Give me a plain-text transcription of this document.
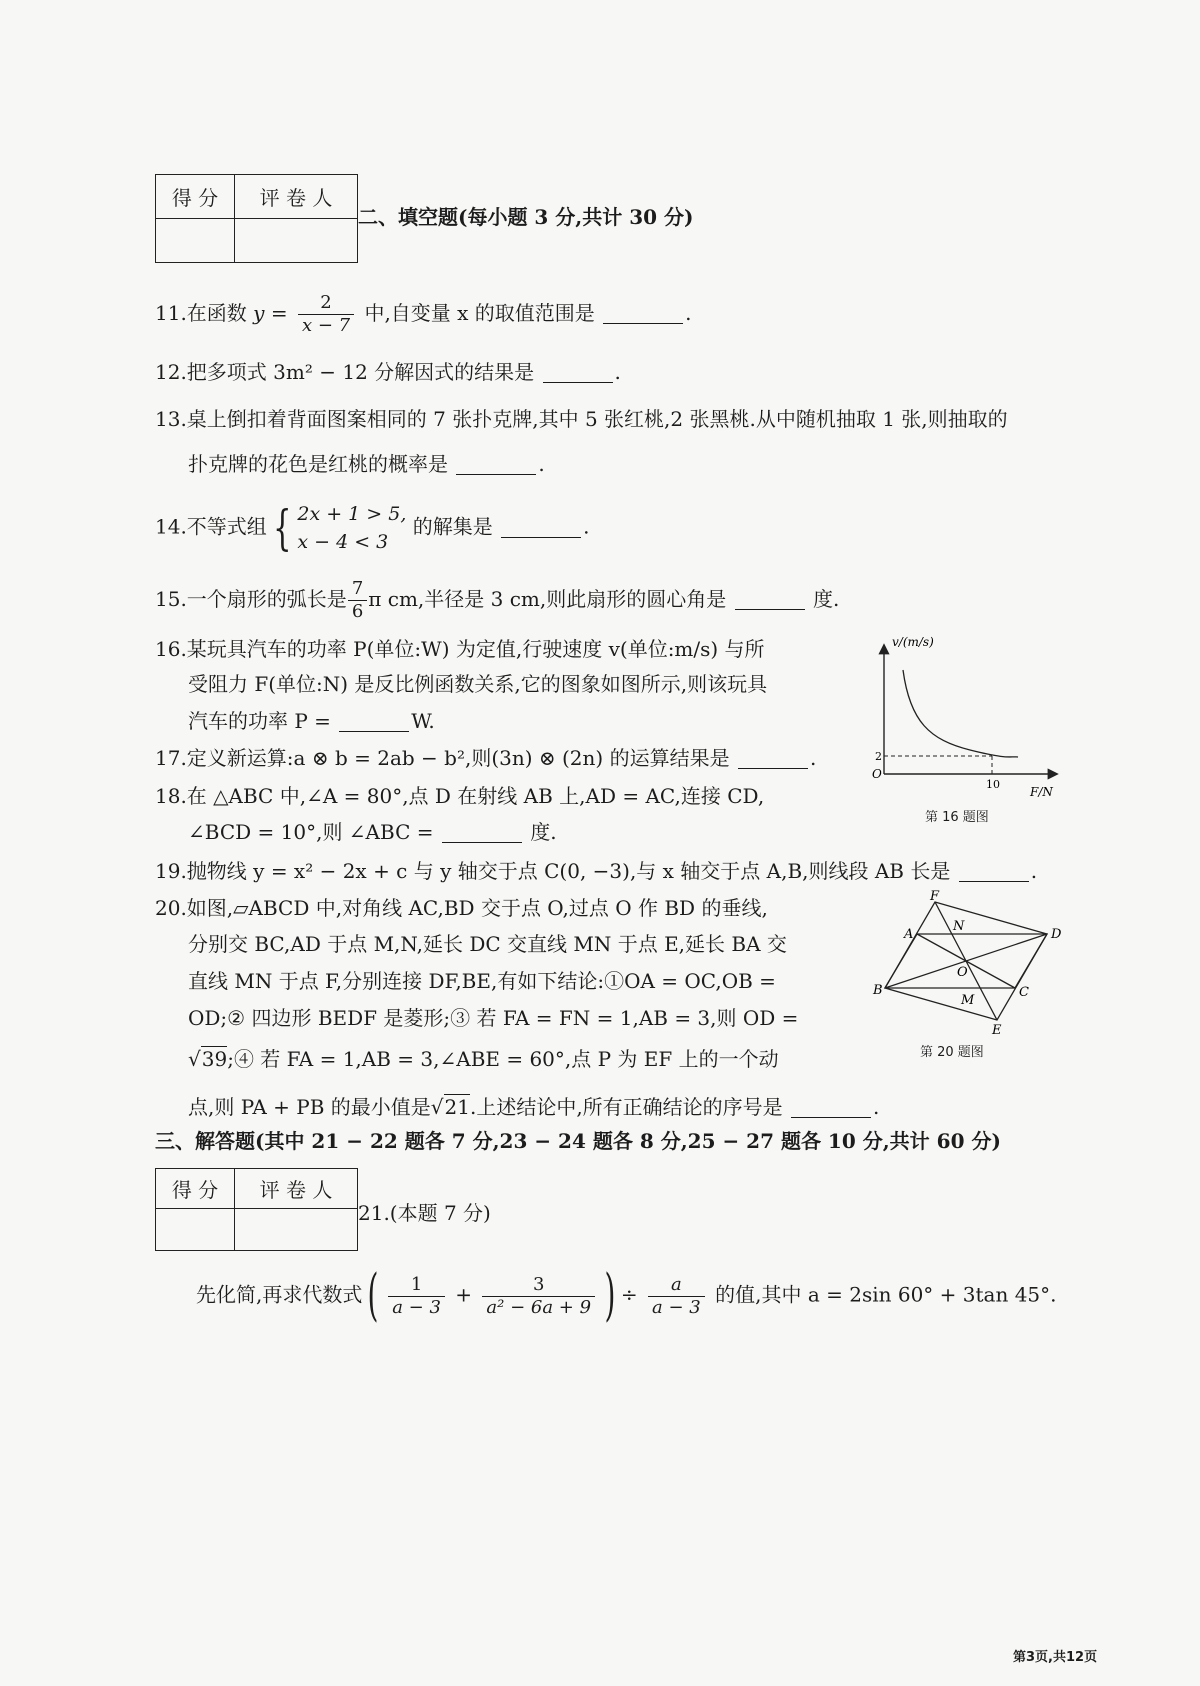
得 分	评 卷 人

二、填空题(每小题 3 分,共计 30 分)
11.在函数 $y = \frac{2}{x - 7}$ 中,自变量 x 的取值范围是	.
12.把多项式 3m² − 12 分解因式的结果是	.
13.桌上倒扣着背面图案相同的 7 张扑克牌,其中 5 张红桃,2 张黑桃.从中随机抽取 1 张,则抽取的
扑克牌的花色是红桃的概率是	.
14.不等式组 { 2x + 1 > 5,
x − 4 < 3
的解集是	.
15.一个扇形的弧长是 $\frac{7}{6}$ π cm,半径是 3 cm,则此扇形的圆心角是	度.
16.某玩具汽车的功率 P(单位:W) 为定值,行驶速度 v(单位:m/s) 与所
受阻力 F(单位:N) 是反比例函数关系,它的图象如图所示,则该玩具
汽车的功率 P =	W.
v/(m/s)
F/N
O
2
10
第 16 题图
17.定义新运算:a ⊗ b = 2ab − b²,则(3n) ⊗ (2n) 的运算结果是	.
18.在 △ABC 中,∠A = 80°,点 D 在射线 AB 上,AD = AC,连接 CD,
∠BCD = 10°,则 ∠ABC =	度.
19.抛物线 y = x² − 2x + c 与 y 轴交于点 C(0, −3),与 x 轴交于点 A,B,则线段 AB 长是	.
20.如图,▱ABCD 中,对角线 AC,BD 交于点 O,过点 O 作 BD 的垂线,
分别交 BC,AD 于点 M,N,延长 DC 交直线 MN 于点 E,延长 BA 交
直线 MN 于点 F,分别连接 DF,BE,有如下结论:①OA = OC,OB =
OD;② 四边形 BEDF 是菱形;③ 若 FA = FN = 1,AB = 3,则 OD =
√39;④ 若 FA = 1,AB = 3,∠ABE = 60°,点 P 为 EF 上的一个动
点,则 PA + PB 的最小值是√21.上述结论中,所有正确结论的序号是	.
F
N
A	D
O
B
M
C
E
第 20 题图
三、解答题(其中 21 − 22 题各 7 分,23 − 24 题各 8 分,25 − 27 题各 10 分,共计 60 分)
得 分	评 卷 人

21.(本题 7 分)
先化简,再求代数式( $\frac{1}{a - 3} + \frac{3}{\text{a² − 6a + 9}}$ ) ÷ $\frac{a}{a - 3}$ 的值,其中 a = 2sin 60° + 3tan 45°.
第3页,共12页
